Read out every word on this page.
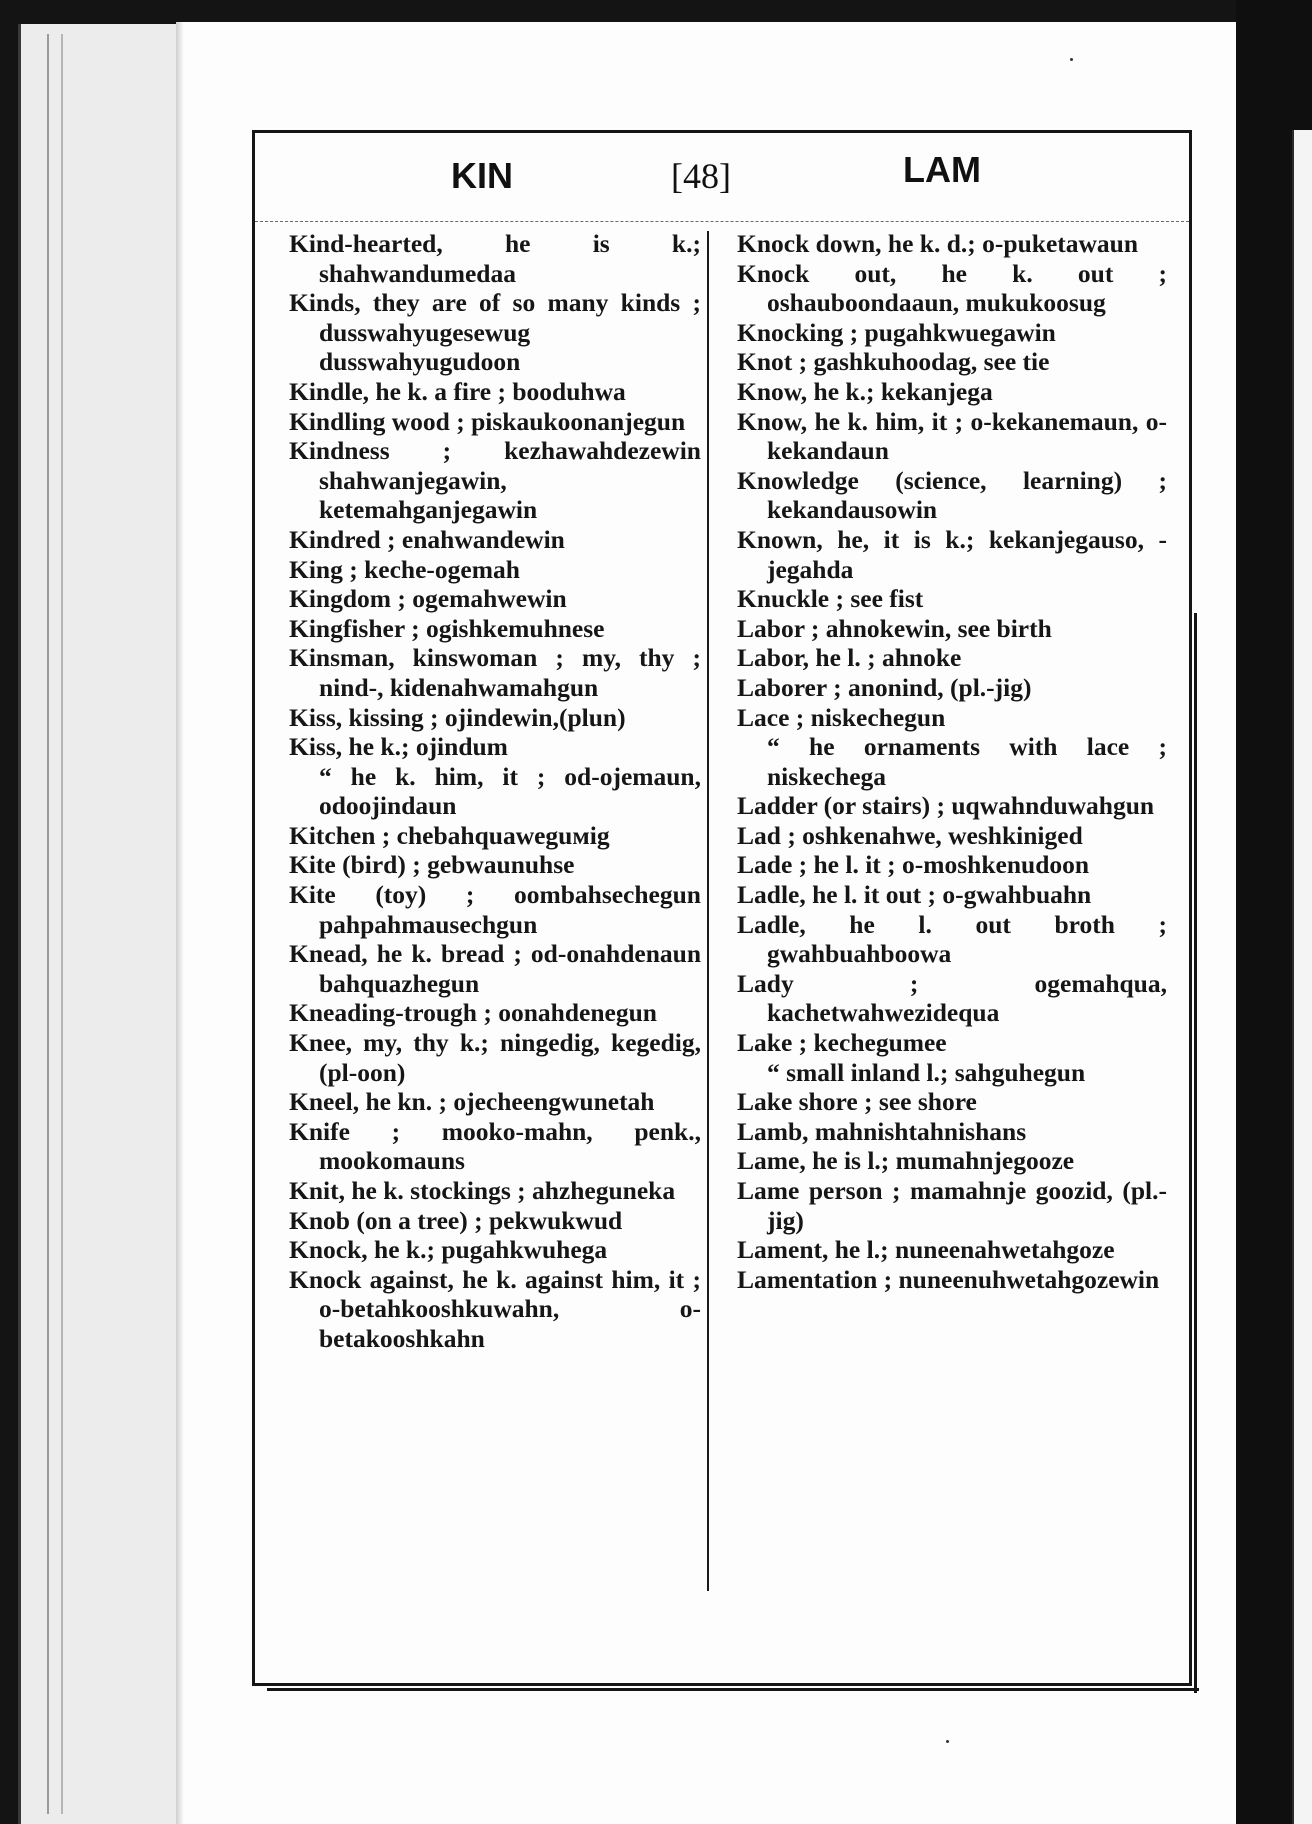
KIN	[48]	LAM

Kind-hearted, he is k.; shahwandumedaa

Kinds, they are of so many kinds ; dusswahyugesewug dusswahyugudoon

Kindle, he k. a fire ; booduhwa

Kindling wood ; piskaukoonanjegun

Kindness ; kezhawahdezewin shahwanjegawin, ketemahganjegawin

Kindred ; enahwandewin

King ; keche-ogemah

Kingdom ; ogemahwewin

Kingfisher ; ogishkemuhnese

Kinsman, kinswoman ; my, thy ; nind-, kidenahwamahgun

Kiss, kissing ; ojindewin,(plun)

Kiss, he k.; ojindum

“ he k. him, it ; od-ojemaun, odoojindaun

Kitchen ; chebahquaweguмig

Kite (bird) ; gebwaunuhse

Kite (toy) ; oombahsechegun pahpahmausechgun

Knead, he k. bread ; od-onahdenaun bahquazhegun

Kneading-trough ; oonahdenegun

Knee, my, thy k.; ningedig, kegedig, (pl-oon)

Kneel, he kn. ; ojecheengwunetah

Knife ; mooko-mahn, penk., mookomauns

Knit, he k. stockings ; ahzheguneka

Knob (on a tree) ; pekwukwud

Knock, he k.; pugahkwuhega

Knock against, he k. against him, it ; o-betahkooshkuwahn, o-betakooshkahn

Knock down, he k. d.; o-puketawaun

Knock out, he k. out ; oshauboondaaun, mukukoosug

Knocking ; pugahkwuegawin

Knot ; gashkuhoodag, see tie

Know, he k.; kekanjega

Know, he k. him, it ; o-kekanemaun, o-kekandaun

Knowledge (science, learning) ; kekandausowin

Known, he, it is k.; kekanjegauso, -jegahda

Knuckle ; see fist

Labor ; ahnokewin, see birth

Labor, he l. ; ahnoke

Laborer ; anonind, (pl.-jig)

Lace ; niskechegun

“ he ornaments with lace ; niskechega

Ladder (or stairs) ; uqwahnduwahgun

Lad ; oshkenahwe, weshkiniged

Lade ; he l. it ; o-moshkenudoon

Ladle, he l. it out ; o-gwahbuahn

Ladle, he l. out broth ; gwahbuahboowa

Lady ; ogemahqua, kachetwahwezidequa

Lake ; kechegumee

“ small inland l.; sahguhegun

Lake shore ; see shore

Lamb, mahnishtahnishans

Lame, he is l.; mumahnjegooze

Lame person ; mamahnje goozid, (pl.-jig)

Lament, he l.; nuneenahwetahgoze

Lamentation ; nuneenuhwetahgozewin
